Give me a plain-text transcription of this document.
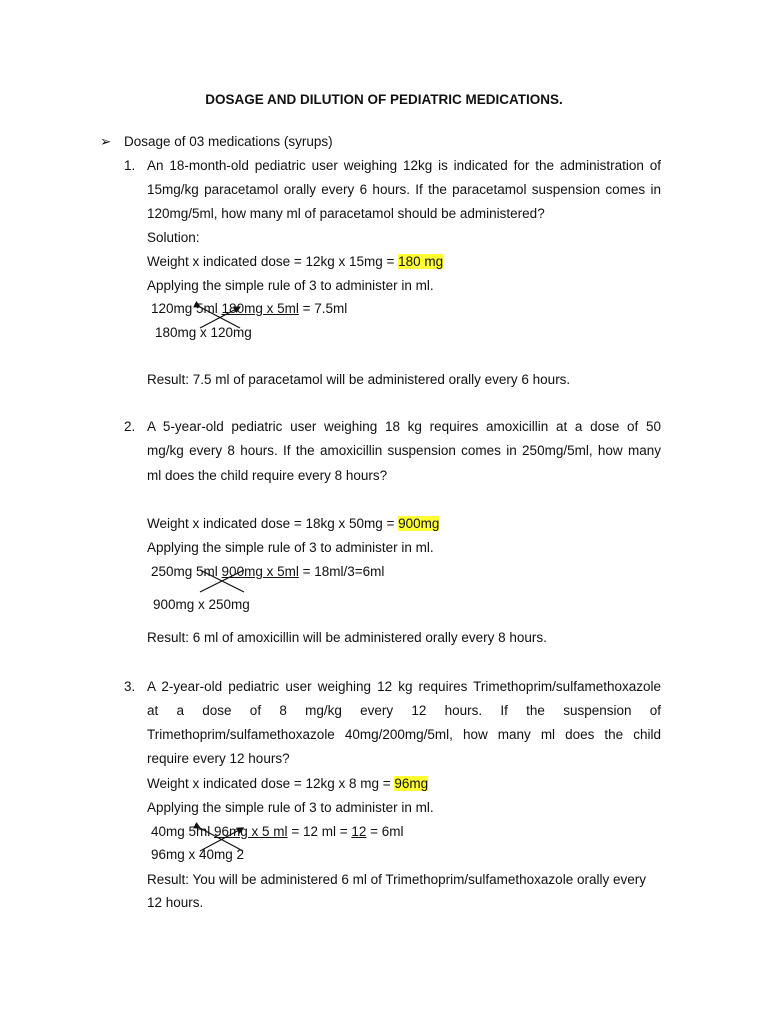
DOSAGE AND DILUTION OF PEDIATRIC MEDICATIONS.
➢ Dosage of 03 medications (syrups)
1. An 18-month-old pediatric user weighing 12kg is indicated for the administration of
15mg/kg paracetamol orally every 6 hours. If the paracetamol suspension comes in
120mg/5ml, how many ml of paracetamol should be administered?
Solution:
Weight x indicated dose = 12kg x 15mg = 180 mg
Applying the simple rule of 3 to administer in ml.
120mg 5ml 180mg x 5ml = 7.5ml
180mg x 120mg
Result: 7.5 ml of paracetamol will be administered orally every 6 hours.
2. A 5-year-old pediatric user weighing 18 kg requires amoxicillin at a dose of 50
mg/kg every 8 hours. If the amoxicillin suspension comes in 250mg/5ml, how many
ml does the child require every 8 hours?
Weight x indicated dose = 18kg x 50mg = 900mg
Applying the simple rule of 3 to administer in ml.
250mg 5ml 900mg x 5ml = 18ml/3=6ml
900mg x 250mg
Result: 6 ml of amoxicillin will be administered orally every 8 hours.
3. A 2-year-old pediatric user weighing 12 kg requires Trimethoprim/sulfamethoxazole
at a dose of 8 mg/kg every 12 hours. If the suspension of
Trimethoprim/sulfamethoxazole 40mg/200mg/5ml, how many ml does the child
require every 12 hours?
Weight x indicated dose = 12kg x 8 mg = 96mg
Applying the simple rule of 3 to administer in ml.
40mg 5ml 96mg x 5 ml = 12 ml = 12 = 6ml
96mg x 40mg 2
Result: You will be administered 6 ml of Trimethoprim/sulfamethoxazole orally every
12 hours.
